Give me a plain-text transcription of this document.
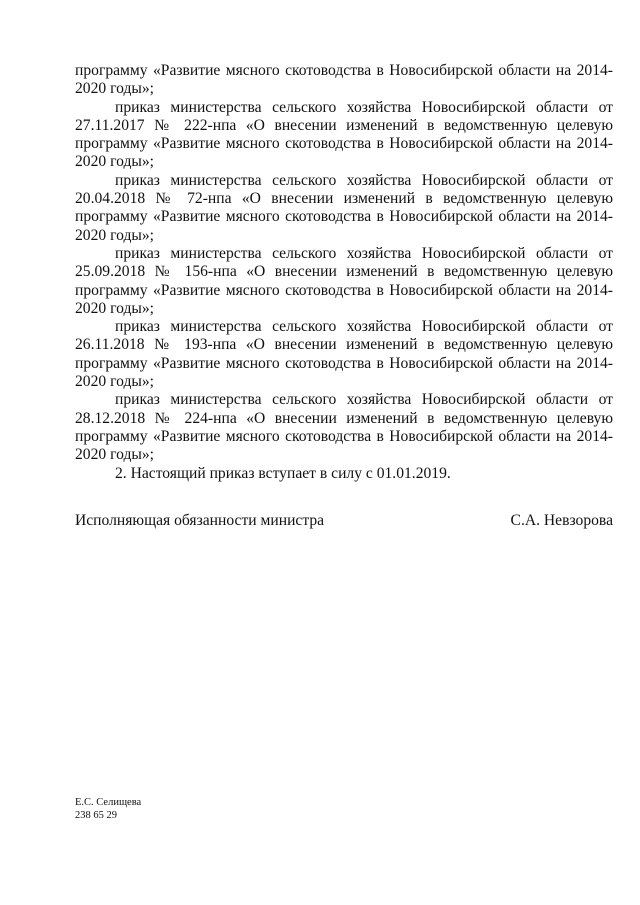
программу «Развитие мясного скотоводства в Новосибирской области на 2014-2020 годы»;

приказ министерства сельского хозяйства Новосибирской области от 27.11.2017 № 222-нпа «О внесении изменений в ведомственную целевую программу «Развитие мясного скотоводства в Новосибирской области на 2014-2020 годы»;

приказ министерства сельского хозяйства Новосибирской области от 20.04.2018 № 72-нпа «О внесении изменений в ведомственную целевую программу «Развитие мясного скотоводства в Новосибирской области на 2014-2020 годы»;

приказ министерства сельского хозяйства Новосибирской области от 25.09.2018 № 156-нпа «О внесении изменений в ведомственную целевую программу «Развитие мясного скотоводства в Новосибирской области на 2014-2020 годы»;

приказ министерства сельского хозяйства Новосибирской области от 26.11.2018 № 193-нпа «О внесении изменений в ведомственную целевую программу «Развитие мясного скотоводства в Новосибирской области на 2014-2020 годы»;

приказ министерства сельского хозяйства Новосибирской области от 28.12.2018 № 224-нпа «О внесении изменений в ведомственную целевую программу «Развитие мясного скотоводства в Новосибирской области на 2014-2020 годы»;

2. Настоящий приказ вступает в силу с 01.01.2019.

Исполняющая обязанности министра	С.А. Невзорова
Е.С. Селищева
238 65 29
